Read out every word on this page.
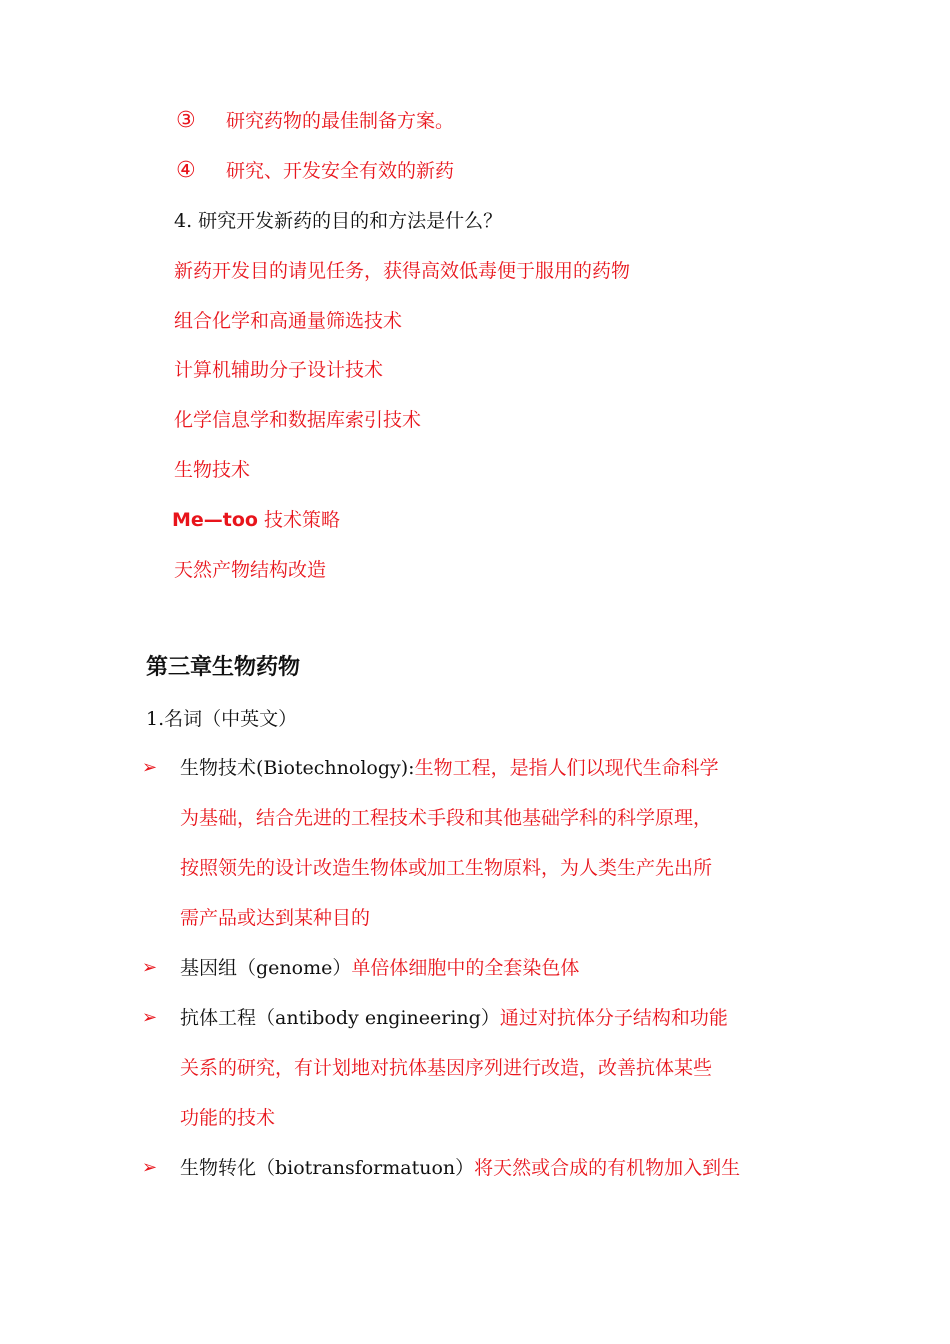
③ 研究药物的最佳制备方案。
④ 研究、开发安全有效的新药
4. 研究开发新药的目的和方法是什么？
新药开发目的请见任务，获得高效低毒便于服用的药物
组合化学和高通量筛选技术
计算机辅助分子设计技术
化学信息学和数据库索引技术
生物技术
Me—too 技术策略
天然产物结构改造
第三章生物药物
1.名词（中英文）
➢ 生物技术(Biotechnology):生物工程，是指人们以现代生命科学
为基础，结合先进的工程技术手段和其他基础学科的科学原理，
按照领先的设计改造生物体或加工生物原料，为人类生产先出所
需产品或达到某种目的
➢ 基因组（genome）单倍体细胞中的全套染色体
➢ 抗体工程（antibody engineering）通过对抗体分子结构和功能
关系的研究，有计划地对抗体基因序列进行改造，改善抗体某些
功能的技术
➢ 生物转化（biotransformatuon）将天然或合成的有机物加入到生
